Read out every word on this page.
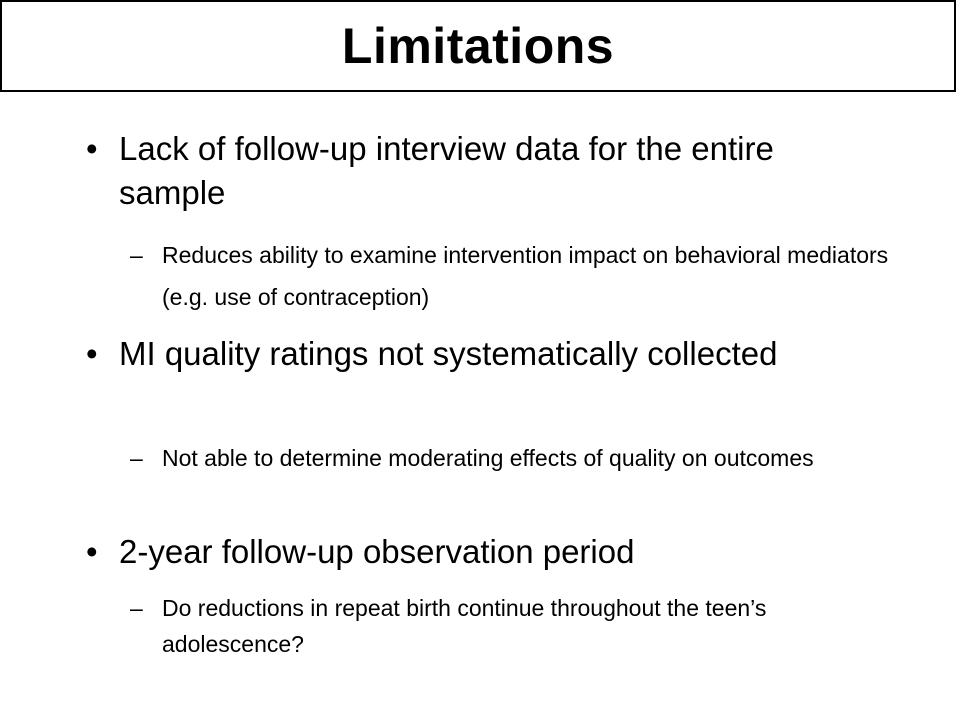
Limitations
• Lack of follow-up interview data for the entire sample
– Reduces ability to examine intervention impact on behavioral mediators (e.g. use of contraception)
• MI quality ratings not systematically collected
– Not able to determine moderating effects of quality on outcomes
• 2-year follow-up observation period
– Do reductions in repeat birth continue throughout the teen’s adolescence?
